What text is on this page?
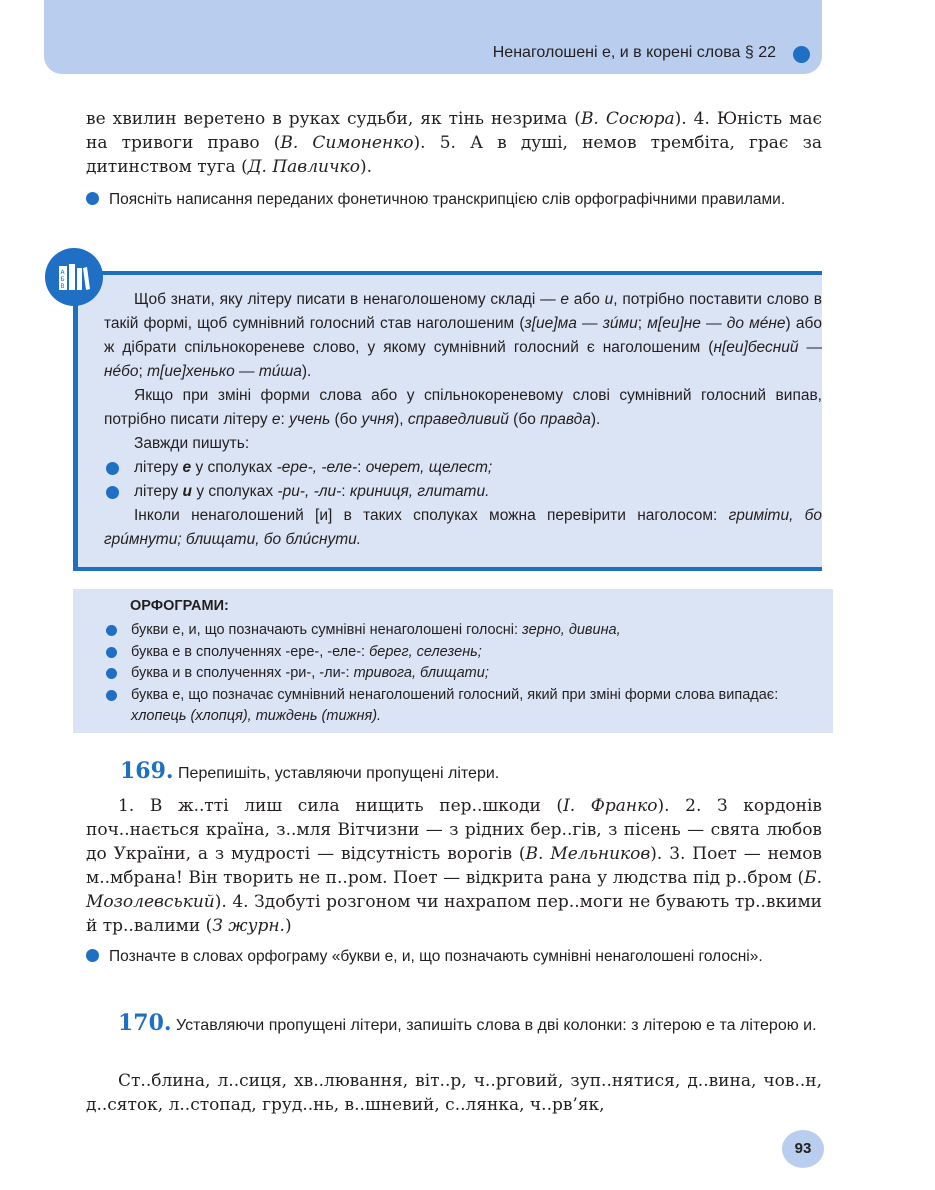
Ненаголошені е, и в корені слова § 22
ве хвилин веретено в руках судьби, як тінь незрима (В. Сосюра). 4. Юність має на тривоги право (В. Симоненко). 5. А в душі, немов трембіта, грає за дитинством туга (Д. Павличко).
Поясніть написання переданих фонетичною транскрипцією слів орфографічними правилами.
А
Б
В

Щоб знати, яку літеру писати в ненаголошеному складі — е або и, потрібно поставити слово в такій формі, щоб сумнівний голосний став наголошеним (з[ие]ма — зúми; м[еи]не — до мéне) або ж дібрати спільнокореневе слово, у якому сумнівний голосний є наголошеним (н[еи]бесний — нéбо; т[ие]хенько — тúша).

Якщо при зміні форми слова або у спільнокореневому слові сумнівний голосний випав, потрібно писати літеру е: учень (бо учня), справедливий (бо правда).

Завжди пишуть:

літеру е у сполуках -ере-, -еле-: очерет, щелест;

літеру и у сполуках -ри-, -ли-: криниця, глитати.

Інколи ненаголошений [и] в таких сполуках можна перевірити наголосом: гриміти, бо грúмнути; блищати, бо блúснути.

ОРФОГРАМИ:
букви е, и, що позначають сумнівні ненаголошені голосні: зерно, дивина,
буква е в сполученнях -ере-, -еле-: берег, селезень;
буква и в сполученнях -ри-, -ли-: тривога, блищати;
буква е, що позначає сумнівний ненаголошений голосний, який при зміні форми слова випадає: хлопець (хлопця), тиждень (тижня).
169. Перепишіть, уставляючи пропущені літери.
1. В ж..тті лиш сила нищить пер..шкоди (І. Франко). 2. З кордонів поч..нається країна, з..мля Вітчизни — з рідних бер..гів, з пісень — свята любов до України, а з мудрості — відсутність ворогів (В. Мельников). 3. Поет — немов м..мбрана! Він творить не п..ром. Поет — відкрита рана у людства під р..бром (Б. Мозолевський). 4. Здобуті розгоном чи нахрапом пер..моги не бувають тр..вкими й тр..валими (З журн.)
Позначте в словах орфограму «букви е, и, що позначають сумнівні ненаголошені голосні».
170. Уставляючи пропущені літери, запишіть слова в дві колонки: з літерою е та літерою и.
Ст..блина, л..сиця, хв..лювання, віт..р, ч..рговий, зуп..нятися, д..вина, чов..н, д..сяток, л..стопад, груд..нь, в..шневий, с..лянка, ч..рв’як,
93
